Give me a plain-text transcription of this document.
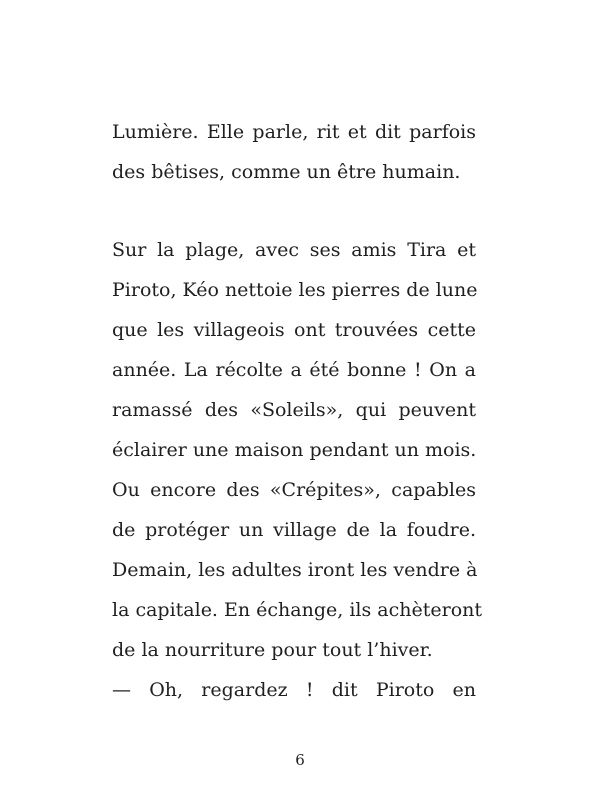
Lumière. Elle parle, rit et dit parfois
des bêtises, comme un être humain.
Sur la plage, avec ses amis Tira et
Piroto, Kéo nettoie les pierres de lune
que les villageois ont trouvées cette
année. La récolte a été bonne ! On a
ramassé des «Soleils», qui peuvent
éclairer une maison pendant un mois.
Ou encore des «Crépites», capables
de protéger un village de la foudre.
Demain, les adultes iront les vendre à
la capitale. En échange, ils achèteront
de la nourriture pour tout l’hiver.
— Oh, regardez ! dit Piroto en
6
